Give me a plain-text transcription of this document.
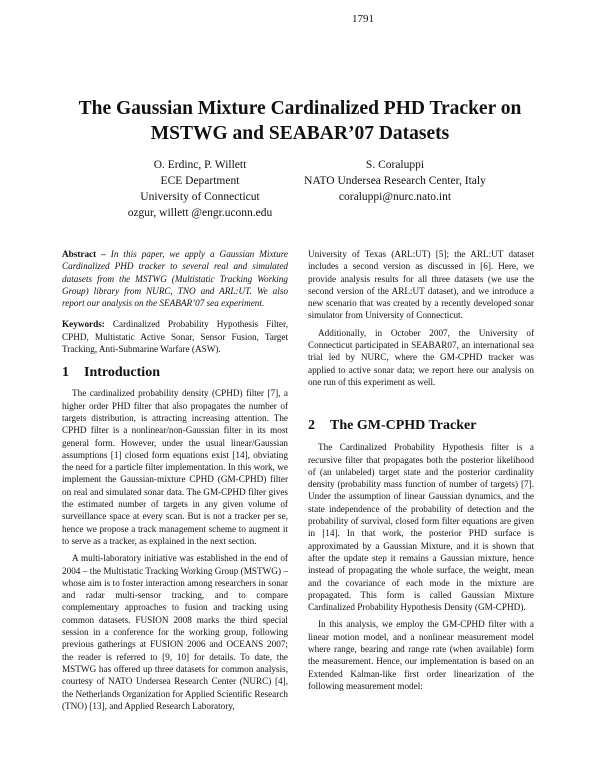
1791
The Gaussian Mixture Cardinalized PHD Tracker on
MSTWG and SEABAR’07 Datasets
O. Erdinc, P. Willett
ECE Department
University of Connecticut
ozgur, willett @engr.uconn.edu
S. Coraluppi
NATO Undersea Research Center, Italy
coraluppi@nurc.nato.int

Abstract – In this paper, we apply a Gaussian Mixture Cardinalized PHD tracker to several real and simulated datasets from the MSTWG (Multistatic Tracking Working Group) library from NURC, TNO and ARL:UT. We also report our analysis on the SEABAR’07 sea experiment.

Keywords: Cardinalized Probability Hypothesis Filter, CPHD, Multistatic Active Sonar, Sensor Fusion, Target Tracking, Anti-Submarine Warfare (ASW).

1 Introduction

The cardinalized probability density (CPHD) filter [7], a higher order PHD filter that also propagates the number of targets distribution, is attracting increasing attention. The CPHD filter is a nonlinear/non-Gaussian filter in its most general form. However, under the usual linear/Gaussian assumptions [1] closed form equations exist [14], obviating the need for a particle filter implementation. In this work, we implement the Gaussian-mixture CPHD (GM-CPHD) filter on real and simulated sonar data. The GM-CPHD filter gives the estimated number of targets in any given volume of surveillance space at every scan. But is not a tracker per se, hence we propose a track management scheme to augment it to serve as a tracker, as explained in the next section.

A multi-laboratory initiative was established in the end of 2004 – the Multistatic Tracking Working Group (MSTWG) – whose aim is to foster interaction among researchers in sonar and radar multi-sensor tracking, and to compare complementary approaches to fusion and tracking using common datasets. FUSION 2008 marks the third special session in a conference for the working group, following previous gatherings at FUSION 2006 and OCEANS 2007; the reader is referred to [9, 10] for details. To date, the MSTWG has offered up three datasets for common analysis, courtesy of NATO Undersea Research Center (NURC) [4], the Netherlands Organization for Applied Scientific Research (TNO) [13], and Applied Research Laboratory,

University of Texas (ARL:UT) [5]; the ARL:UT dataset includes a second version as discussed in [6]. Here, we provide analysis results for all three datasets (we use the second version of the ARL:UT dataset), and we introduce a new scenario that was created by a recently developed sonar simulator from University of Connecticut.

Additionally, in October 2007, the University of Connecticut participated in SEABAR07, an international sea trial led by NURC, where the GM-CPHD tracker was applied to active sonar data; we report here our analysis on one run of this experiment as well.

2 The GM-CPHD Tracker

The Cardinalized Probability Hypothesis filter is a recursive filter that propagates both the posterior likelihood of (an unlabeled) target state and the posterior cardinality density (probability mass function of number of targets) [7]. Under the assumption of linear Gaussian dynamics, and the state independence of the probability of detection and the probability of survival, closed form filter equations are given in [14]. In that work, the posterior PHD surface is approximated by a Gaussian Mixture, and it is shown that after the update step it remains a Gaussian mixture, hence instead of propagating the whole surface, the weight, mean and the covariance of each mode in the mixture are propagated. This form is called Gaussian Mixture Cardinalized Probability Hypothesis Density (GM-CPHD).

In this analysis, we employ the GM-CPHD filter with a linear motion model, and a nonlinear measurement model where range, bearing and range rate (when available) form the measurement. Hence, our implementation is based on an Extended Kalman-like first order linearization of the following measurement model:
